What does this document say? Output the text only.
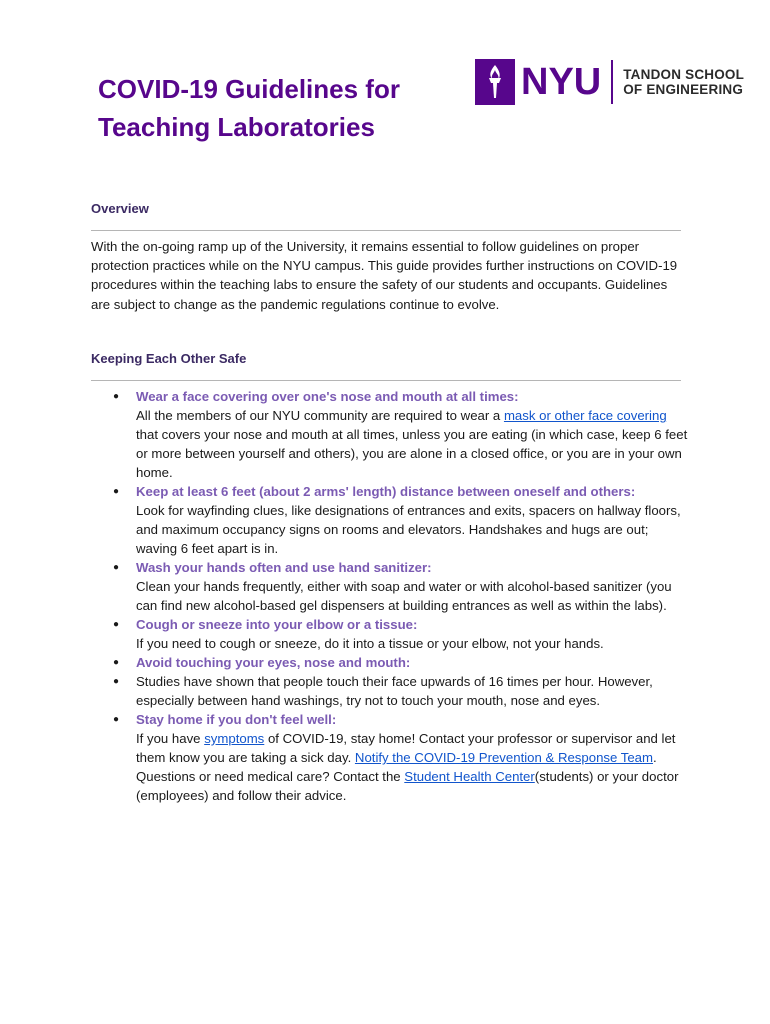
COVID-19 Guidelines for
Teaching Laboratories
NYU TANDON SCHOOL
OF ENGINEERING
Overview

With the on-going ramp up of the University, it remains essential to follow guidelines on proper protection practices while on the NYU campus. This guide provides further instructions on COVID-19 procedures within the teaching labs to ensure the safety of our students and occupants. Guidelines are subject to change as the pandemic regulations continue to evolve.

Keeping Each Other Safe
● Wear a face covering over one's nose and mouth at all times:
All the members of our NYU community are required to wear a mask or other face covering that covers your nose and mouth at all times, unless you are eating (in which case, keep 6 feet or more between yourself and others), you are alone in a closed office, or you are in your own home.
● Keep at least 6 feet (about 2 arms' length) distance between oneself and others:
Look for wayfinding clues, like designations of entrances and exits, spacers on hallway floors, and maximum occupancy signs on rooms and elevators. Handshakes and hugs are out; waving 6 feet apart is in.
● Wash your hands often and use hand sanitizer:
Clean your hands frequently, either with soap and water or with alcohol-based sanitizer (you can find new alcohol-based gel dispensers at building entrances as well as within the labs).
● Cough or sneeze into your elbow or a tissue:
If you need to cough or sneeze, do it into a tissue or your elbow, not your hands.
● Avoid touching your eyes, nose and mouth:
● Studies have shown that people touch their face upwards of 16 times per hour. However, especially between hand washings, try not to touch your mouth, nose and eyes.
● Stay home if you don't feel well:
If you have symptoms of COVID-19, stay home! Contact your professor or supervisor and let them know you are taking a sick day. Notify the COVID-19 Prevention & Response Team. Questions or need medical care? Contact the Student Health Center(students) or your doctor (employees) and follow their advice.
